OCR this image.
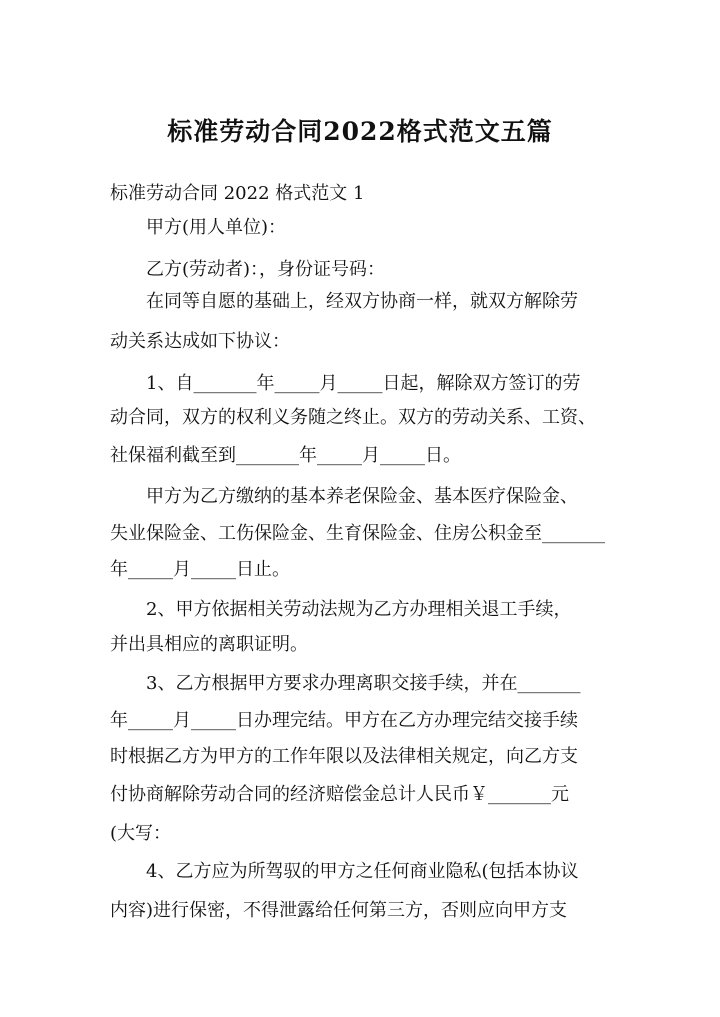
标准劳动合同2022格式范文五篇
标准劳动合同 2022 格式范文 1
甲方(用人单位)：
乙方(劳动者)：，身份证号码：
在同等自愿的基础上，经双方协商一样，就双方解除劳
动关系达成如下协议：
1、自_______年_____月_____日起，解除双方签订的劳
动合同，双方的权利义务随之终止。双方的劳动关系、工资、
社保福利截至到_______年_____月_____日。
甲方为乙方缴纳的基本养老保险金、基本医疗保险金、
失业保险金、工伤保险金、生育保险金、住房公积金至_______
年_____月_____日止。
2、甲方依据相关劳动法规为乙方办理相关退工手续，
并出具相应的离职证明。
3、乙方根据甲方要求办理离职交接手续，并在_______
年_____月_____日办理完结。甲方在乙方办理完结交接手续
时根据乙方为甲方的工作年限以及法律相关规定，向乙方支
付协商解除劳动合同的经济赔偿金总计人民币￥_______元
(大写：
4、乙方应为所驾驭的甲方之任何商业隐私(包括本协议
内容)进行保密，不得泄露给任何第三方，否则应向甲方支
